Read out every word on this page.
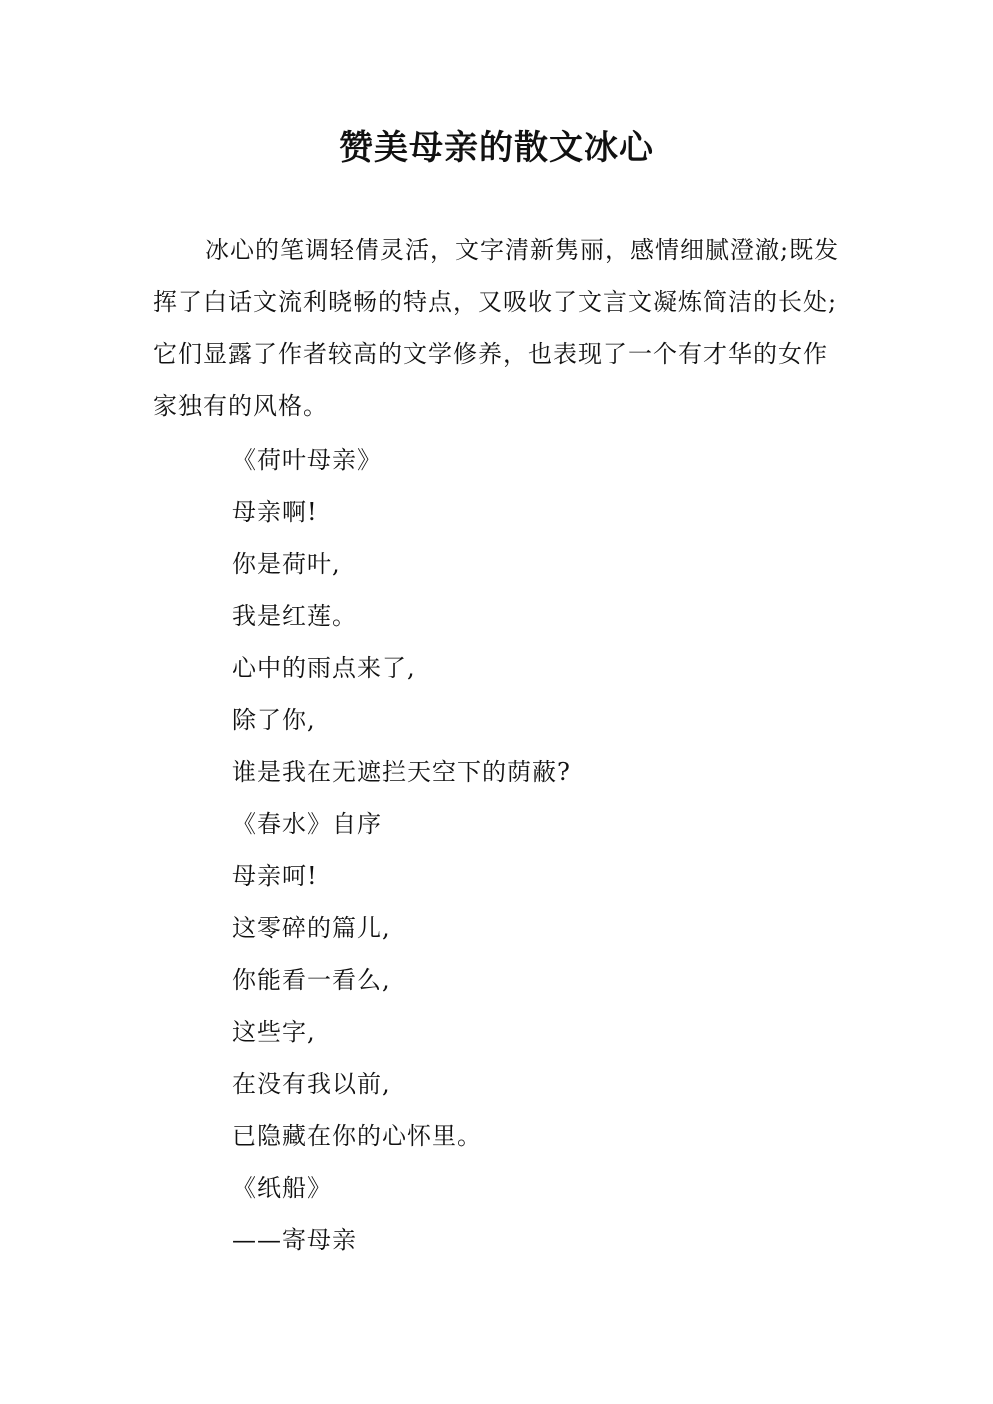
赞美母亲的散文冰心

冰心的笔调轻倩灵活，文字清新隽丽，感情细腻澄澈;既发挥了白话文流利晓畅的特点，又吸收了文言文凝炼简洁的长处;它们显露了作者较高的文学修养，也表现了一个有才华的女作家独有的风格。

《荷叶母亲》
母亲啊!
你是荷叶,
我是红莲。
心中的雨点来了,
除了你,
谁是我在无遮拦天空下的荫蔽?
《春水》自序
母亲呵!
这零碎的篇儿,
你能看一看么,
这些字,
在没有我以前,
已隐藏在你的心怀里。
《纸船》
——寄母亲
